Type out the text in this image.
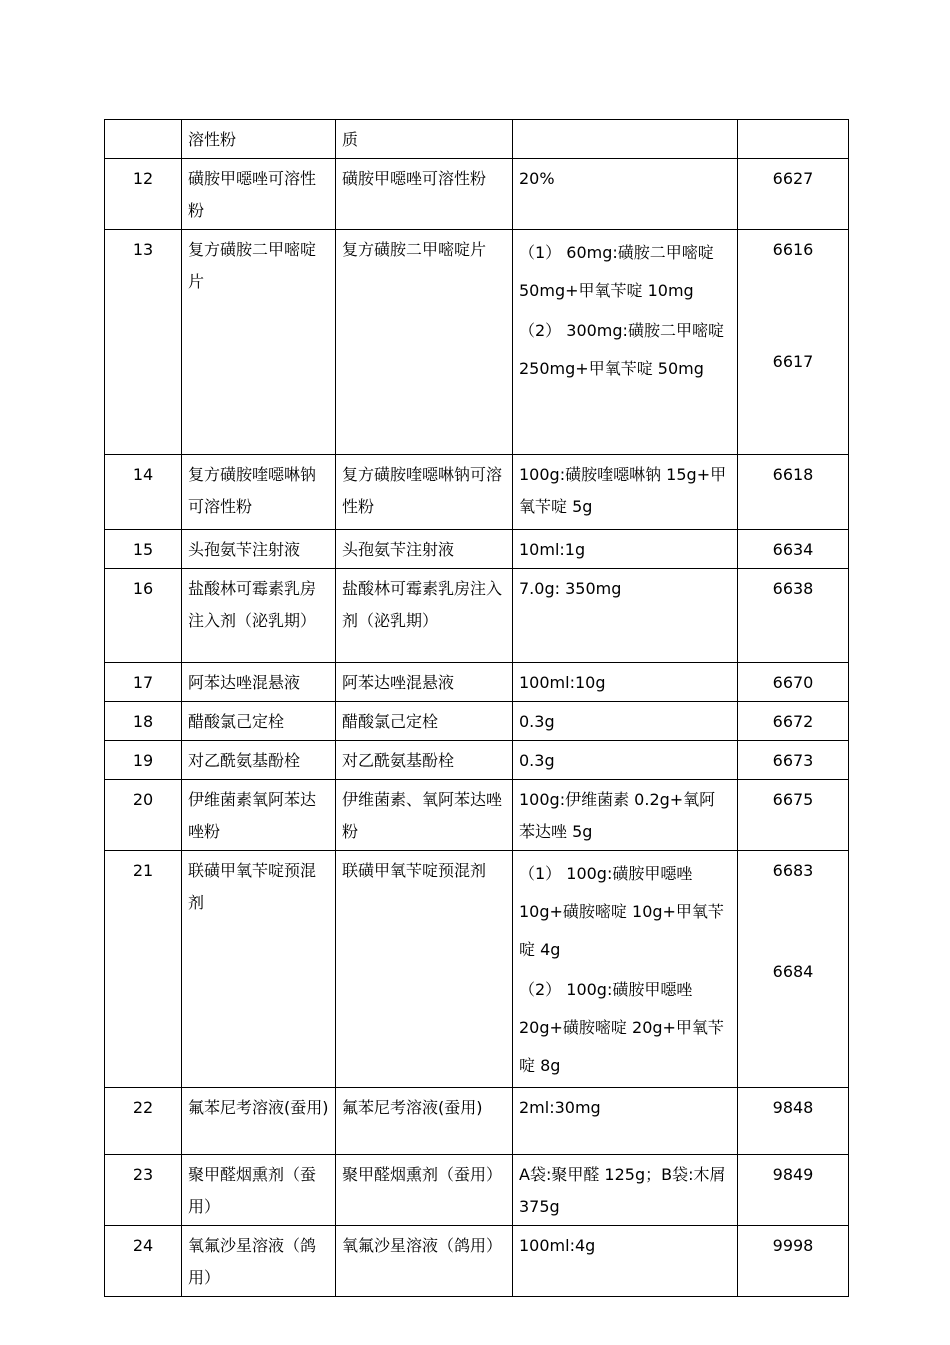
	溶性粉	质	

12	磺胺甲噁唑可溶性粉	磺胺甲噁唑可溶性粉	20%	6627

13	复方磺胺二甲嘧啶片	复方磺胺二甲嘧啶片	（1） 60mg:磺胺二甲嘧啶 50mg+甲氧苄啶 10mg
（2） 300mg:磺胺二甲嘧啶 250mg+甲氧苄啶 50mg	6616
6617

14	复方磺胺喹噁啉钠可溶性粉	复方磺胺喹噁啉钠可溶性粉	100g:磺胺喹噁啉钠 15g+甲氧苄啶 5g	6618

15	头孢氨苄注射液	头孢氨苄注射液	10ml:1g	6634

16	盐酸林可霉素乳房注入剂（泌乳期）	盐酸林可霉素乳房注入剂（泌乳期）	7.0g: 350mg	6638

17	阿苯达唑混悬液	阿苯达唑混悬液	100ml:10g	6670

18	醋酸氯己定栓	醋酸氯己定栓	0.3g	6672

19	对乙酰氨基酚栓	对乙酰氨基酚栓	0.3g	6673

20	伊维菌素氧阿苯达唑粉	伊维菌素、氧阿苯达唑粉	100g:伊维菌素 0.2g+氧阿苯达唑 5g	6675

21	联磺甲氧苄啶预混剂	联磺甲氧苄啶预混剂	（1） 100g:磺胺甲噁唑 10g+磺胺嘧啶 10g+甲氧苄啶 4g
（2） 100g:磺胺甲噁唑 20g+磺胺嘧啶 20g+甲氧苄啶 8g	6683
6684

22	氟苯尼考溶液(蚕用)	氟苯尼考溶液(蚕用)	2ml:30mg	9848

23	聚甲醛烟熏剂（蚕用）	聚甲醛烟熏剂（蚕用）	A袋:聚甲醛 125g；B袋:木屑 375g	9849

24	氧氟沙星溶液（鸽用）	氧氟沙星溶液（鸽用）	100ml:4g	9998
